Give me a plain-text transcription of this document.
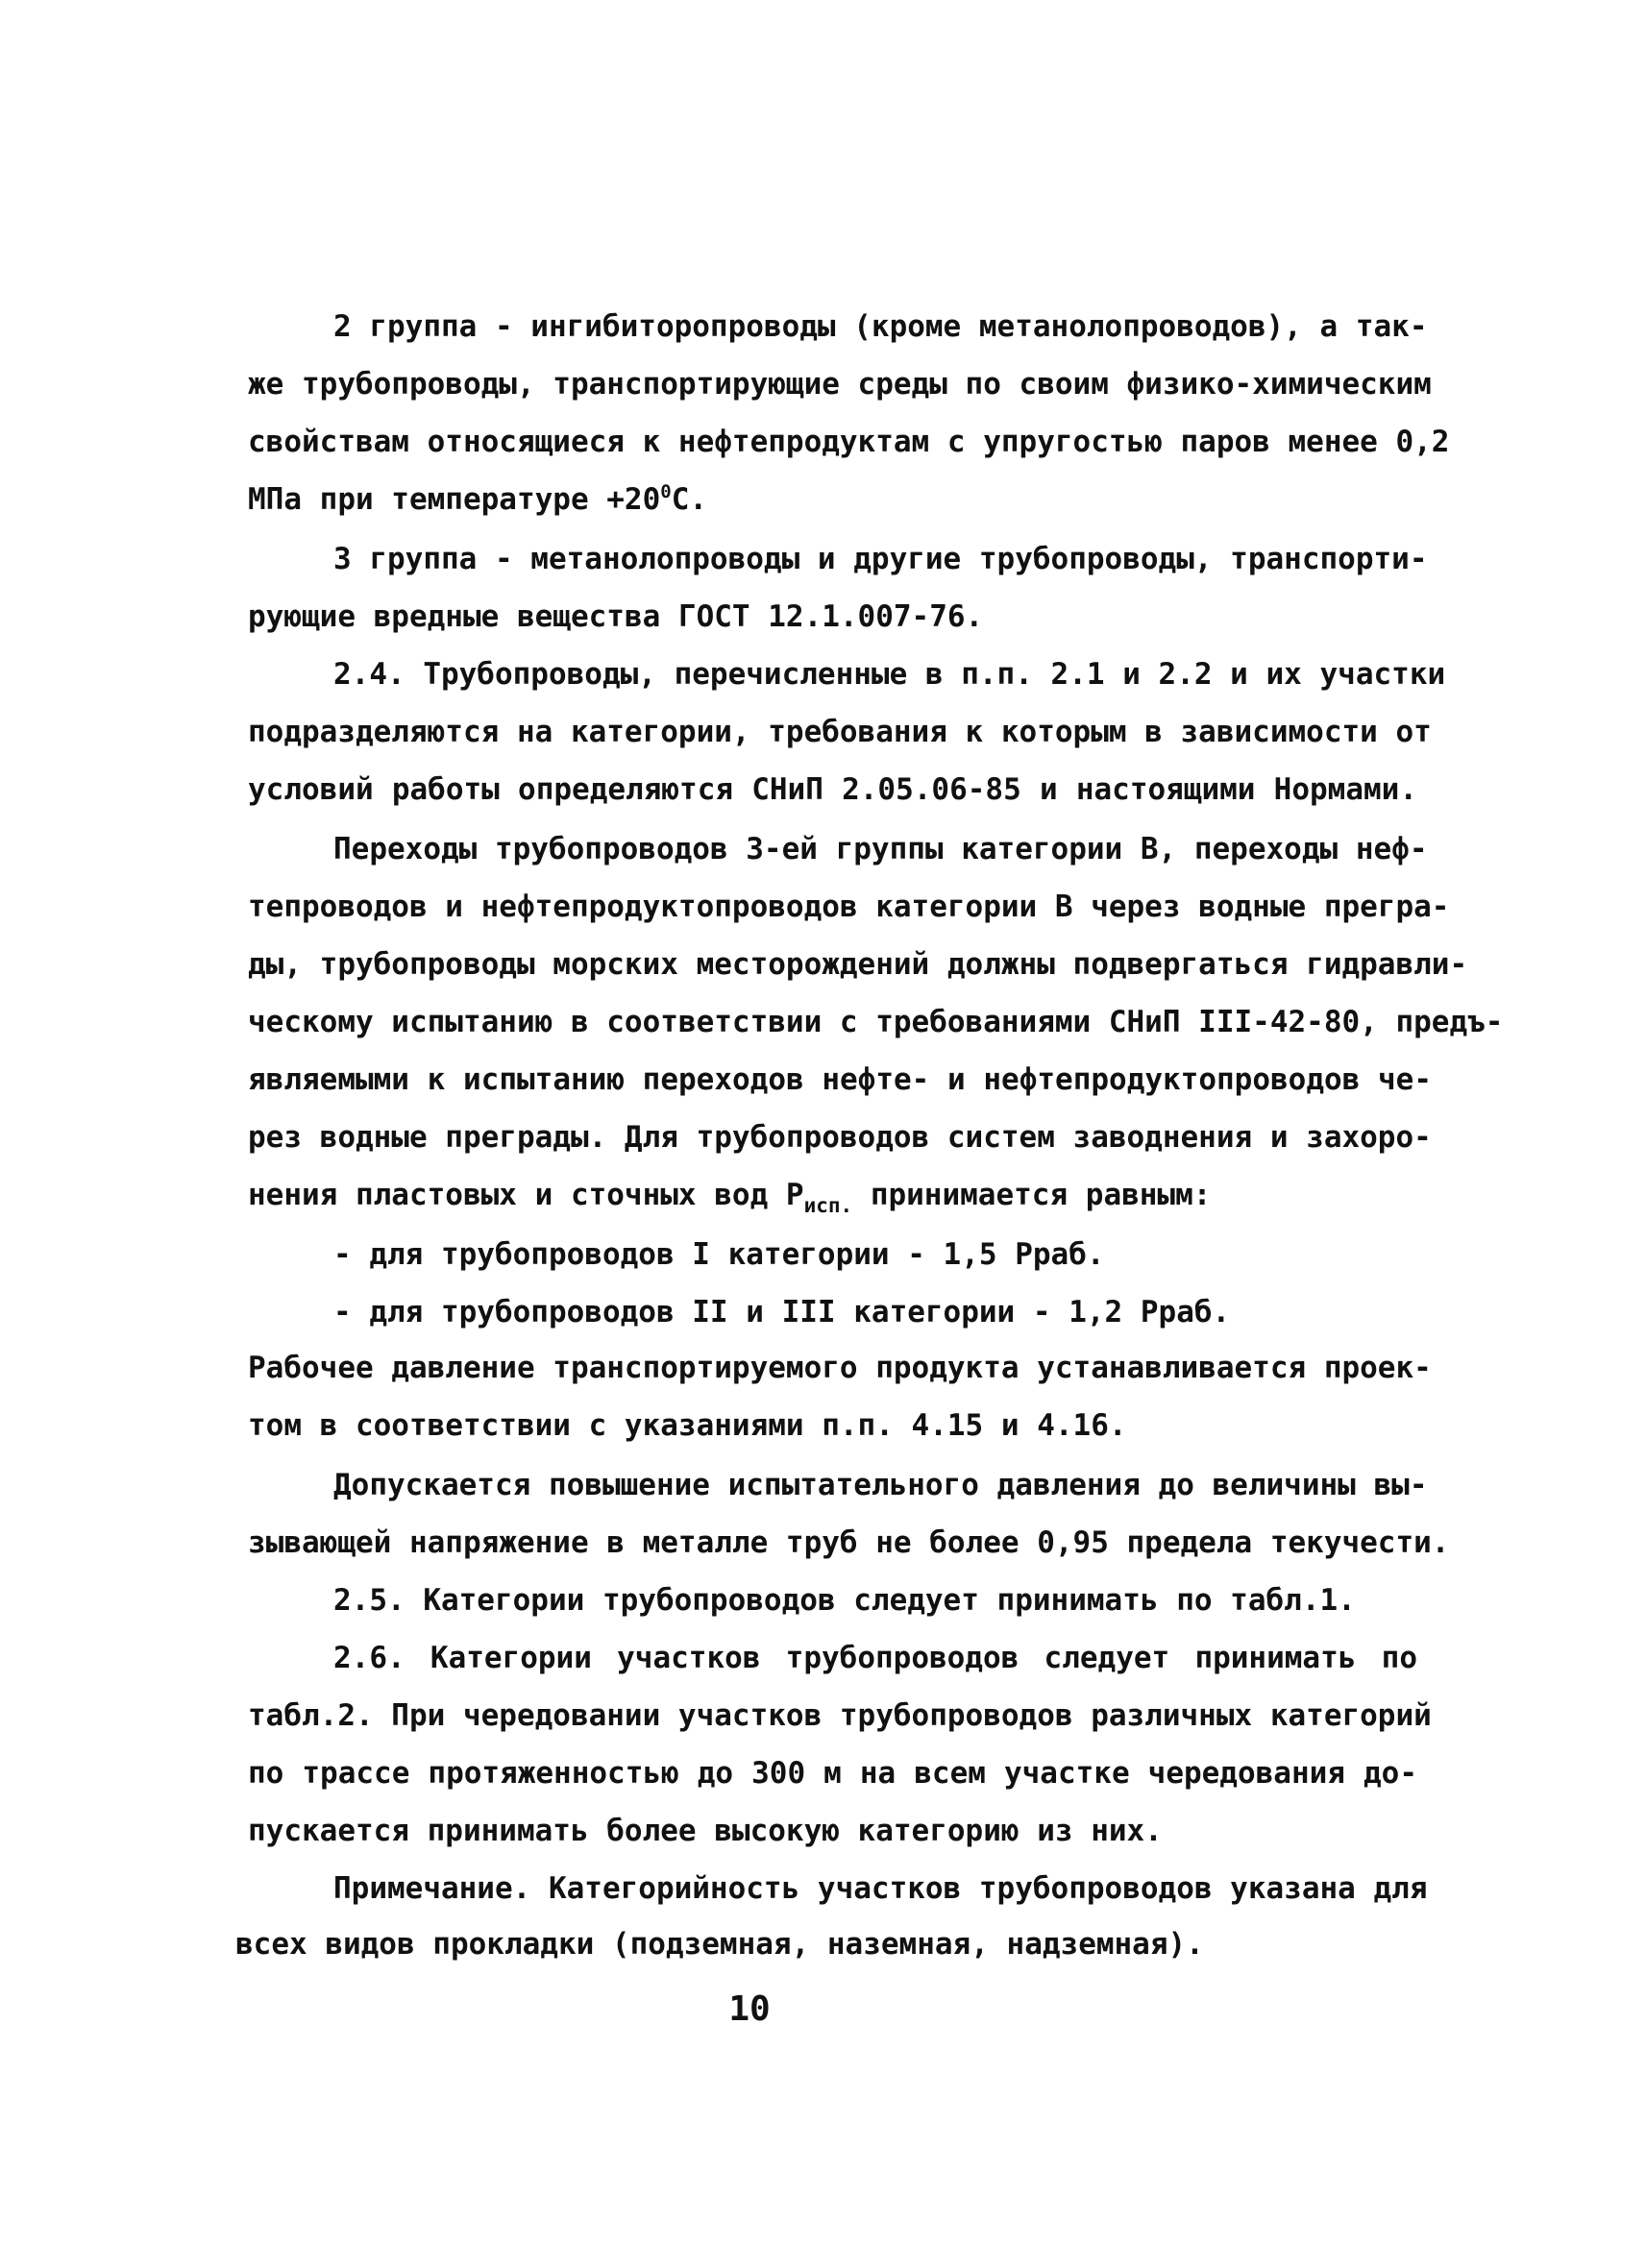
2 группа - ингибиторопроводы (кроме метанолопроводов), а так-
же трубопроводы, транспортирующие среды по своим физико-химическим
свойствам относящиеся к нефтепродуктам с упругостью паров менее 0,2
МПа при температуре $+20^0C$.
3 группа - метанолопроводы и другие трубопроводы, транспорти-
рующие вредные вещества ГОСТ 12.1.007-76.
2.4. Трубопроводы, перечисленные в п.п. 2.1 и 2.2 и их участки
подразделяются на категории, требования к которым в зависимости от
условий работы определяются СНиП 2.05.06-85 и настоящими Нормами.
Переходы трубопроводов 3-ей группы категории В, переходы неф-
тепроводов и нефтепродуктопроводов категории В через водные прегра-
ды, трубопроводы морских месторождений должны подвергаться гидравли-
ческому испытанию в соответствии с требованиями СНиП III-42-80, предъ-
являемыми к испытанию переходов нефте- и нефтепродуктопроводов че-
рез водные преграды. Для трубопроводов систем заводнения и захоро-
нения пластовых и сточных вод $Р_{исп.}$ принимается равным:
- для трубопроводов I категории - 1,5 Рраб.
- для трубопроводов II и III категории - 1,2 Рраб.
Рабочее давление транспортируемого продукта устанавливается проек-
том в соответствии с указаниями п.п. 4.15 и 4.16.
Допускается повышение испытательного давления до величины вы-
зывающей напряжение в металле труб не более 0,95 предела текучести.
2.5. Категории трубопроводов следует принимать по табл.1.
2.6. Категории участков трубопроводов следует принимать по
табл.2. При чередовании участков трубопроводов различных категорий
по трассе протяженностью до 300 м на всем участке чередования до-
пускается принимать более высокую категорию из них.
Примечание. Категорийность участков трубопроводов указана для
всех видов прокладки (подземная, наземная, надземная).
10
